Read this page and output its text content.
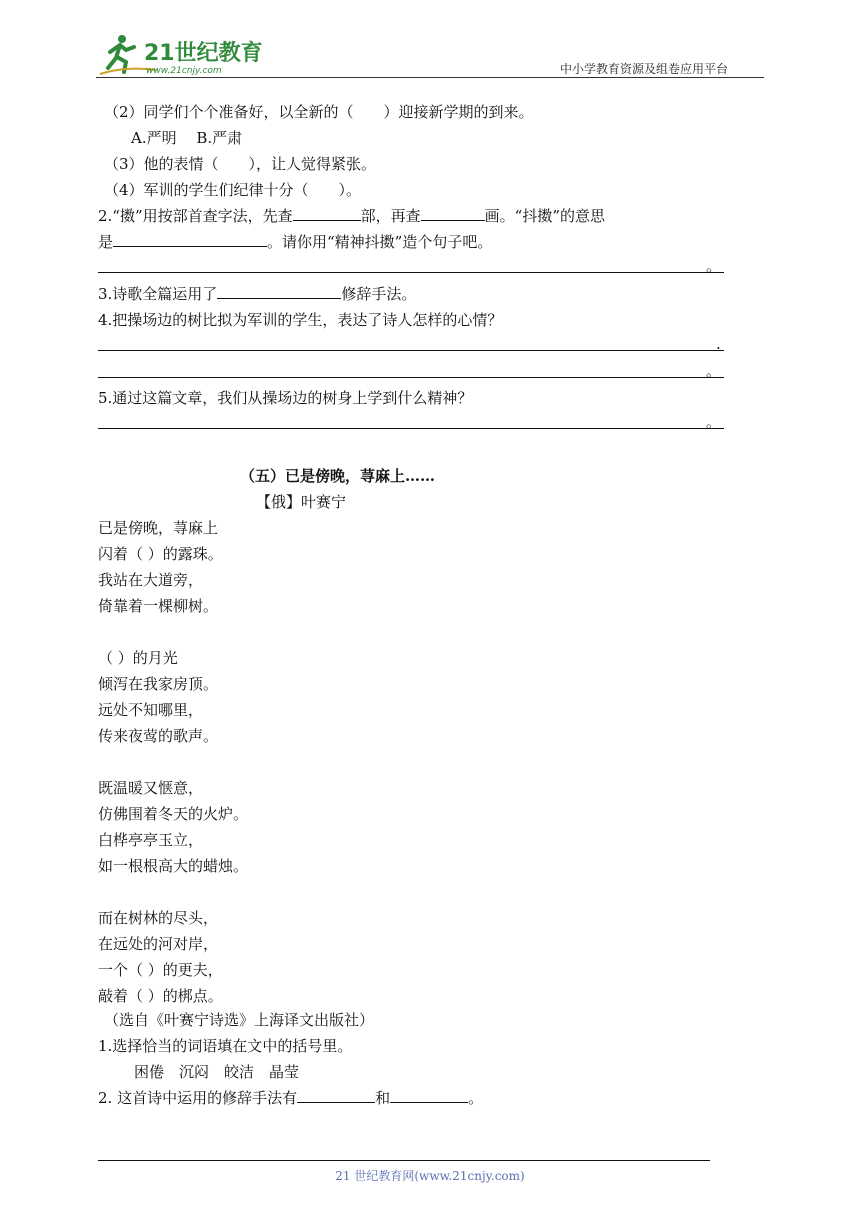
21世纪教育
www.21cnjy.com	中小学教育资源及组卷应用平台
（2）同学们个个准备好，以全新的（　　）迎接新学期的到来。
A.严明　 B.严肃
（3）他的表情（　　），让人觉得紧张。
（4）军训的学生们纪律十分（　　）。
2.“擞”用按部首查字法，先查	部，再查	画。“抖擞”的意思
是	。请你用“精神抖擞”造个句子吧。
。
3.诗歌全篇运用了	修辞手法。
4.把操场边的树比拟为军训的学生，表达了诗人怎样的心情？
.
。
5.通过这篇文章，我们从操场边的树身上学到什么精神？
。
（五）已是傍晚，荨麻上……
【俄】叶赛宁
已是傍晚，荨麻上
闪着（ ）的露珠。
我站在大道旁，
倚靠着一棵柳树。
（ ）的月光
倾泻在我家房顶。
远处不知哪里，
传来夜莺的歌声。
既温暖又惬意，
仿佛围着冬天的火炉。
白桦亭亭玉立，
如一根根高大的蜡烛。
而在树林的尽头，
在远处的河对岸，
一个（ ）的更夫，
敲着（ ）的梆点。
（选自《叶赛宁诗选》上海译文出版社）
1.选择恰当的词语填在文中的括号里。
困倦　沉闷　皎洁　晶莹
2. 这首诗中运用的修辞手法有	和	。
21 世纪教育网(www.21cnjy.com)
